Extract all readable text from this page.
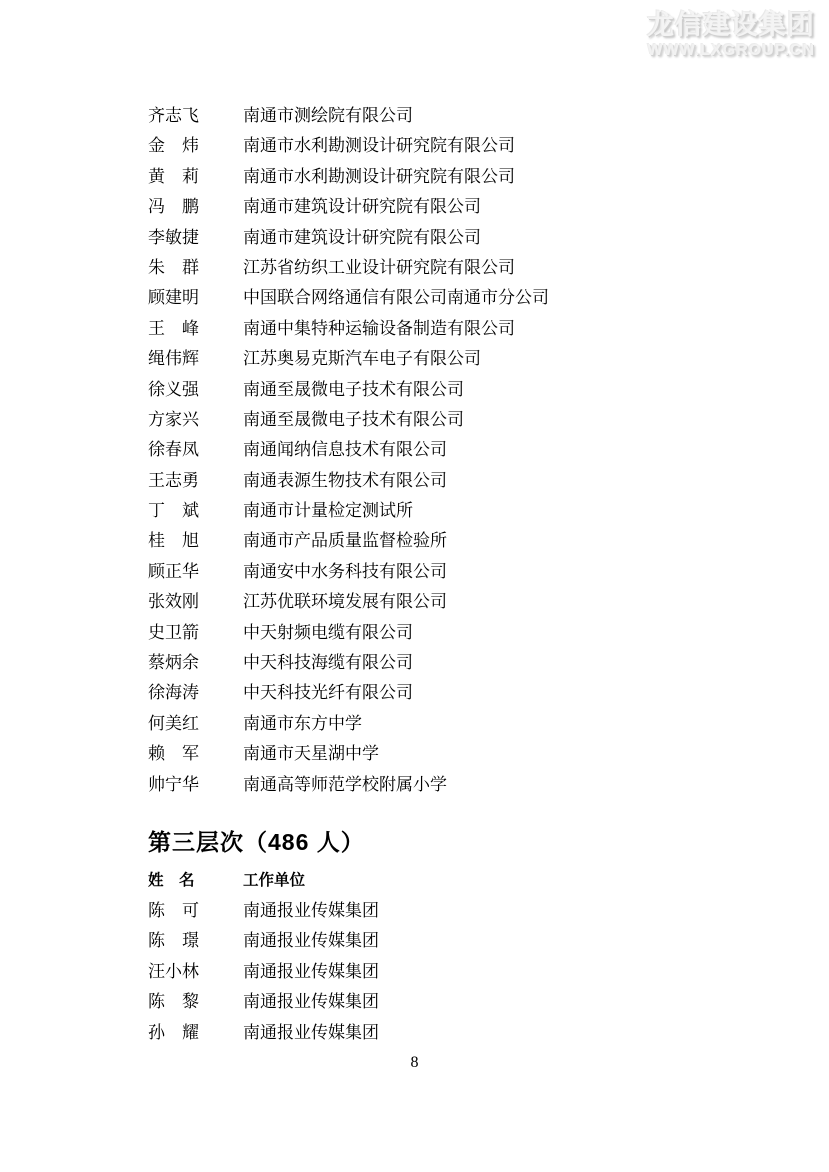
龙信建设集团
WWW.LXGROUP.CN
齐志飞	南通市测绘院有限公司
金　炜	南通市水利勘测设计研究院有限公司
黄　莉	南通市水利勘测设计研究院有限公司
冯　鹏	南通市建筑设计研究院有限公司
李敏捷	南通市建筑设计研究院有限公司
朱　群	江苏省纺织工业设计研究院有限公司
顾建明	中国联合网络通信有限公司南通市分公司
王　峰	南通中集特种运输设备制造有限公司
绳伟辉	江苏奥易克斯汽车电子有限公司
徐义强	南通至晟微电子技术有限公司
方家兴	南通至晟微电子技术有限公司
徐春凤	南通闻纳信息技术有限公司
王志勇	南通表源生物技术有限公司
丁　斌	南通市计量检定测试所
桂　旭	南通市产品质量监督检验所
顾正华	南通安中水务科技有限公司
张效刚	江苏优联环境发展有限公司
史卫箭	中天射频电缆有限公司
蔡炳余	中天科技海缆有限公司
徐海涛	中天科技光纤有限公司
何美红	南通市东方中学
赖　军	南通市天星湖中学
帅宁华	南通高等师范学校附属小学
第三层次（486 人）
姓　名	工作单位
陈　可	南通报业传媒集团
陈　璟	南通报业传媒集团
汪小林	南通报业传媒集团
陈　黎	南通报业传媒集团
孙　耀	南通报业传媒集团
8
